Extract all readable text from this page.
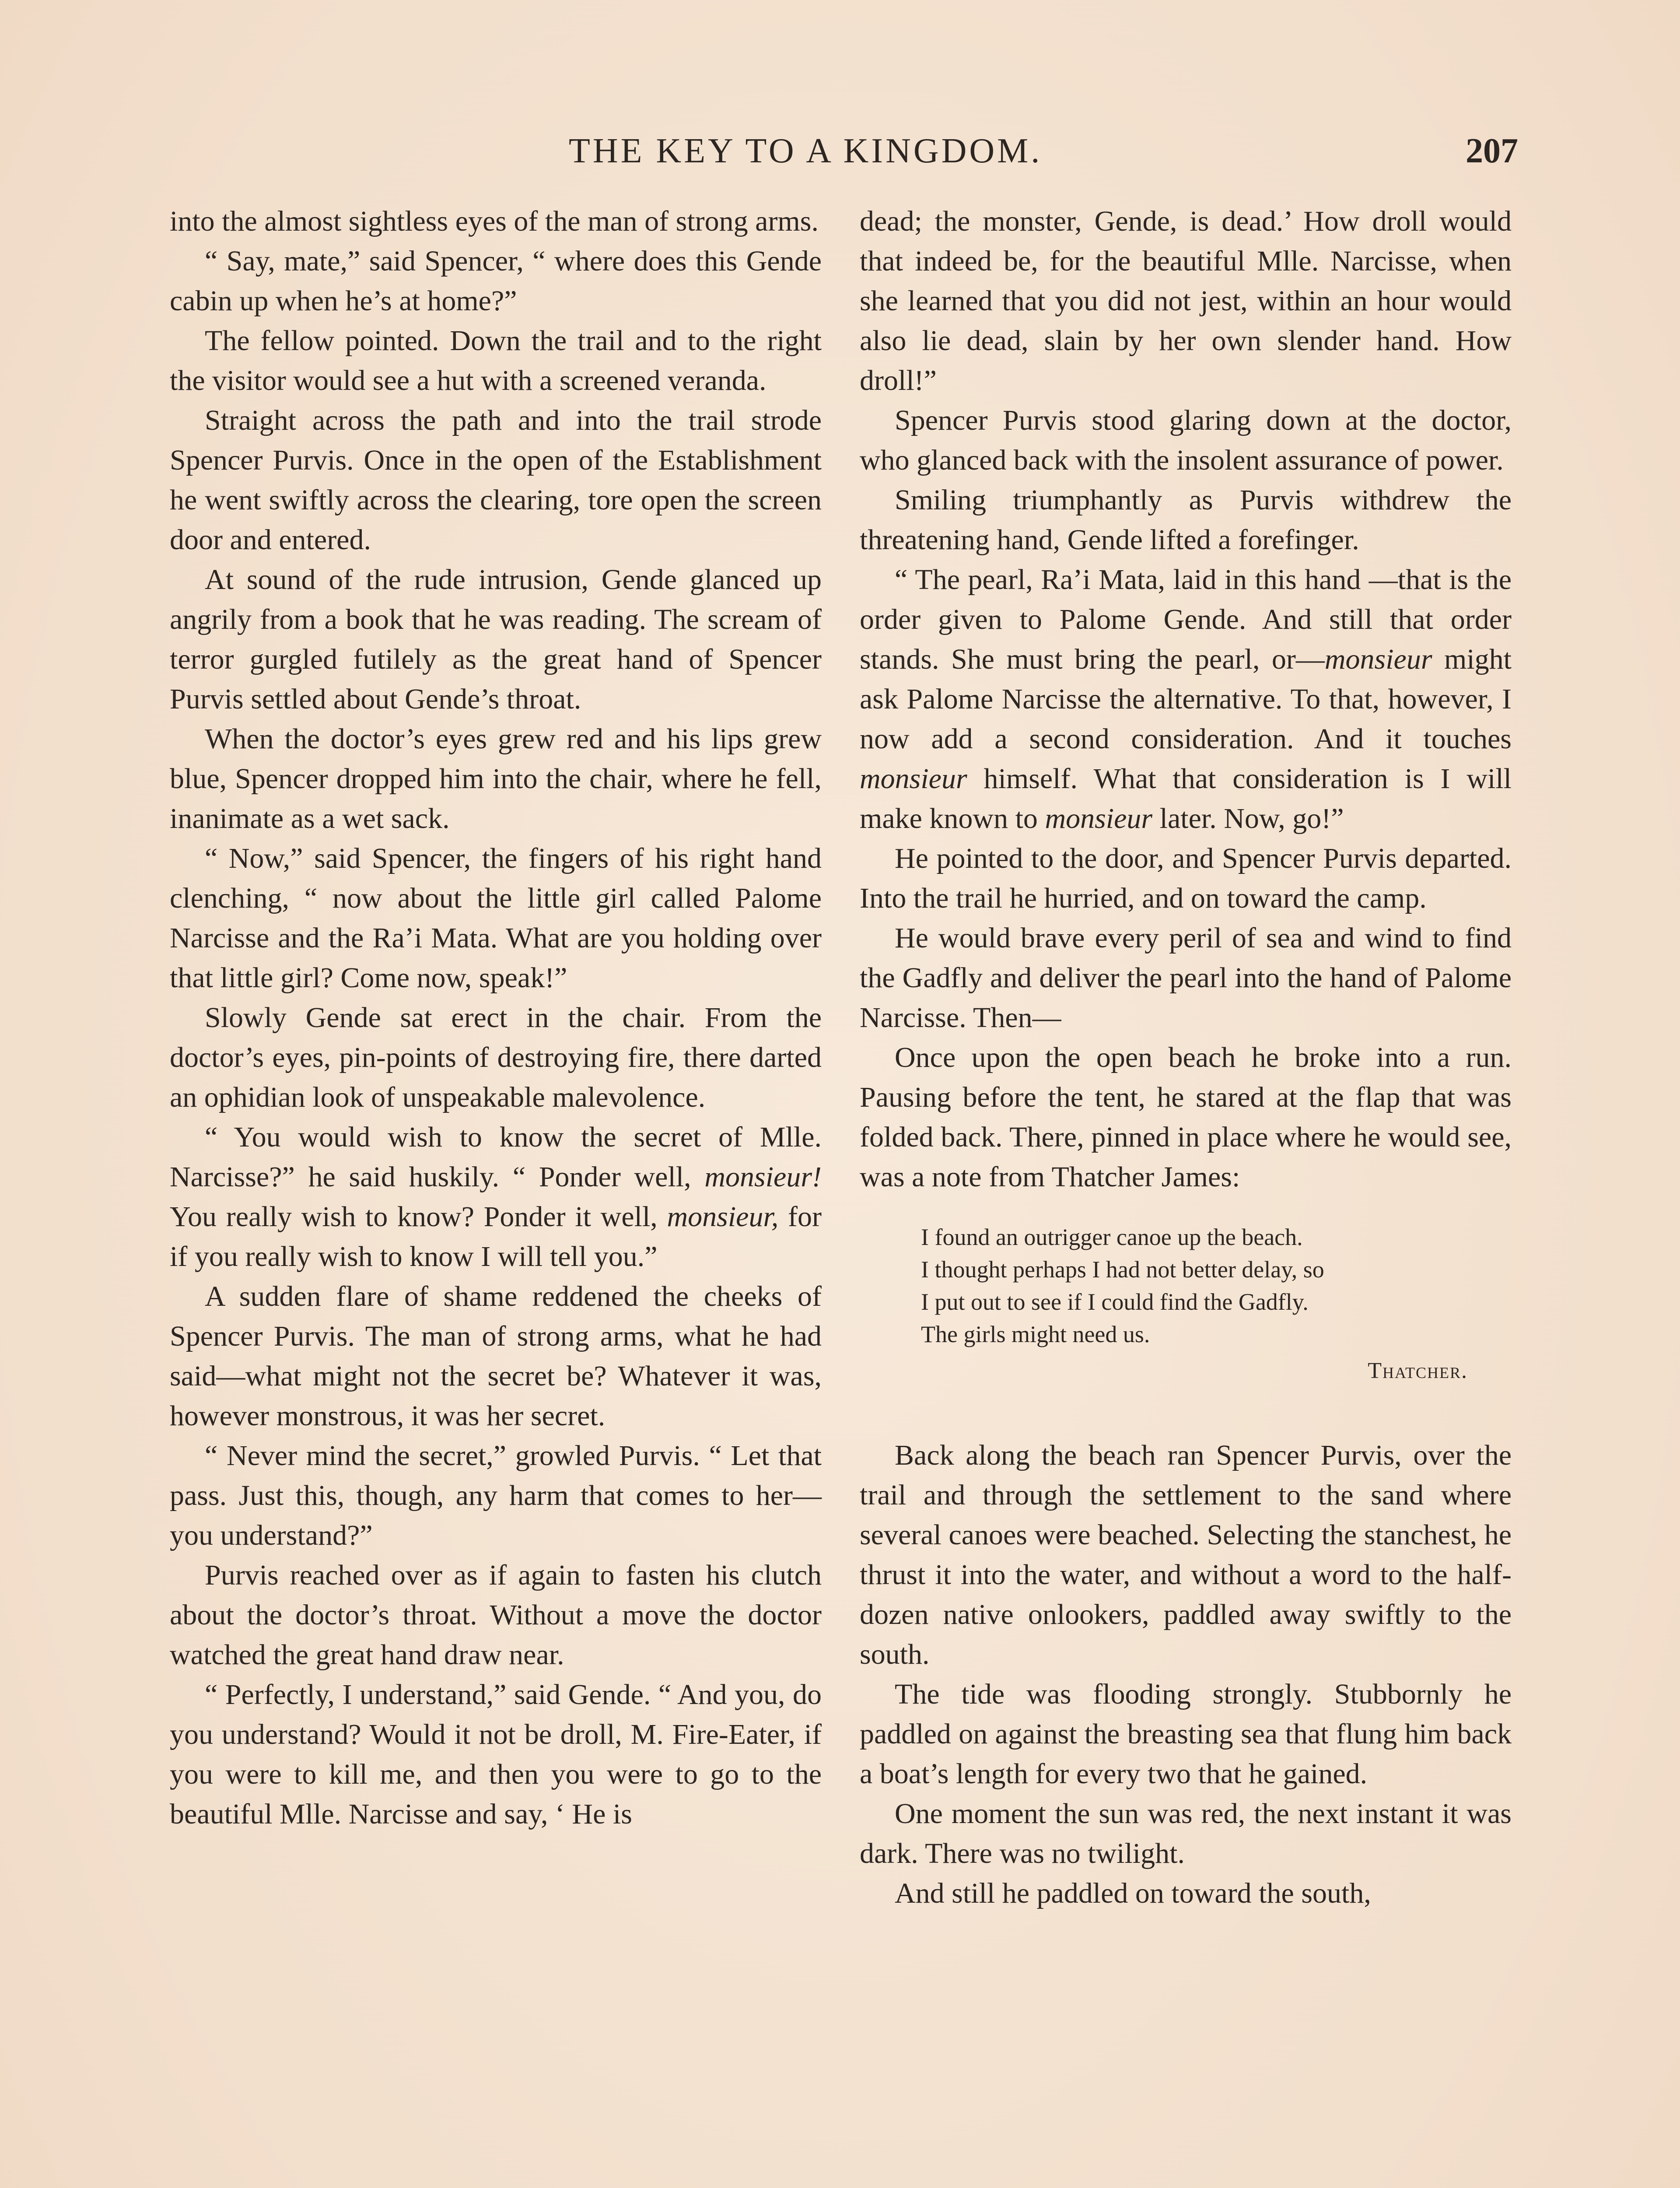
THE KEY TO A KINGDOM.	207

into the almost sightless eyes of the man of strong arms.

“ Say, mate,” said Spencer, “ where does this Gende cabin up when he’s at home?”

The fellow pointed. Down the trail and to the right the visitor would see a hut with a screened veranda.

Straight across the path and into the trail strode Spencer Purvis. Once in the open of the Establishment he went swiftly across the clearing, tore open the screen door and entered.

At sound of the rude intrusion, Gende glanced up angrily from a book that he was reading. The scream of terror gurgled futilely as the great hand of Spencer Purvis settled about Gende’s throat.

When the doctor’s eyes grew red and his lips grew blue, Spencer dropped him into the chair, where he fell, inanimate as a wet sack.

“ Now,” said Spencer, the fingers of his right hand clenching, “ now about the little girl called Palome Narcisse and the Ra’i Mata. What are you holding over that little girl? Come now, speak!”

Slowly Gende sat erect in the chair. From the doctor’s eyes, pin-points of destroying fire, there darted an ophidian look of unspeakable malevolence.

“ You would wish to know the secret of Mlle. Narcisse?” he said huskily. “ Ponder well, monsieur! You really wish to know? Ponder it well, monsieur, for if you really wish to know I will tell you.”

A sudden flare of shame reddened the cheeks of Spencer Purvis. The man of strong arms, what he had said—what might not the secret be? Whatever it was, however monstrous, it was her secret.

“ Never mind the secret,” growled Purvis. “ Let that pass. Just this, though, any harm that comes to her—you understand?”

Purvis reached over as if again to fasten his clutch about the doctor’s throat. Without a move the doctor watched the great hand draw near.

“ Perfectly, I understand,” said Gende. “ And you, do you understand? Would it not be droll, M. Fire-Eater, if you were to kill me, and then you were to go to the beautiful Mlle. Narcisse and say, ‘ He is

dead; the monster, Gende, is dead.’ How droll would that indeed be, for the beautiful Mlle. Narcisse, when she learned that you did not jest, within an hour would also lie dead, slain by her own slender hand. How droll!”

Spencer Purvis stood glaring down at the doctor, who glanced back with the insolent assurance of power.

Smiling triumphantly as Purvis withdrew the threatening hand, Gende lifted a forefinger.

“ The pearl, Ra’i Mata, laid in this hand —that is the order given to Palome Gende. And still that order stands. She must bring the pearl, or—monsieur might ask Palome Narcisse the alternative. To that, however, I now add a second consideration. And it touches monsieur himself. What that consideration is I will make known to monsieur later. Now, go!”

He pointed to the door, and Spencer Purvis departed. Into the trail he hurried, and on toward the camp.

He would brave every peril of sea and wind to find the Gadfly and deliver the pearl into the hand of Palome Narcisse. Then—

Once upon the open beach he broke into a run. Pausing before the tent, he stared at the flap that was folded back. There, pinned in place where he would see, was a note from Thatcher James:

I found an outrigger canoe up the beach.
I thought perhaps I had not better delay, so
I put out to see if I could find the Gadfly.
The girls might need us.
Thatcher.

Back along the beach ran Spencer Purvis, over the trail and through the settlement to the sand where several canoes were beached. Selecting the stanchest, he thrust it into the water, and without a word to the half-dozen native onlookers, paddled away swiftly to the south.

The tide was flooding strongly. Stubbornly he paddled on against the breasting sea that flung him back a boat’s length for every two that he gained.

One moment the sun was red, the next instant it was dark. There was no twilight.

And still he paddled on toward the south,
